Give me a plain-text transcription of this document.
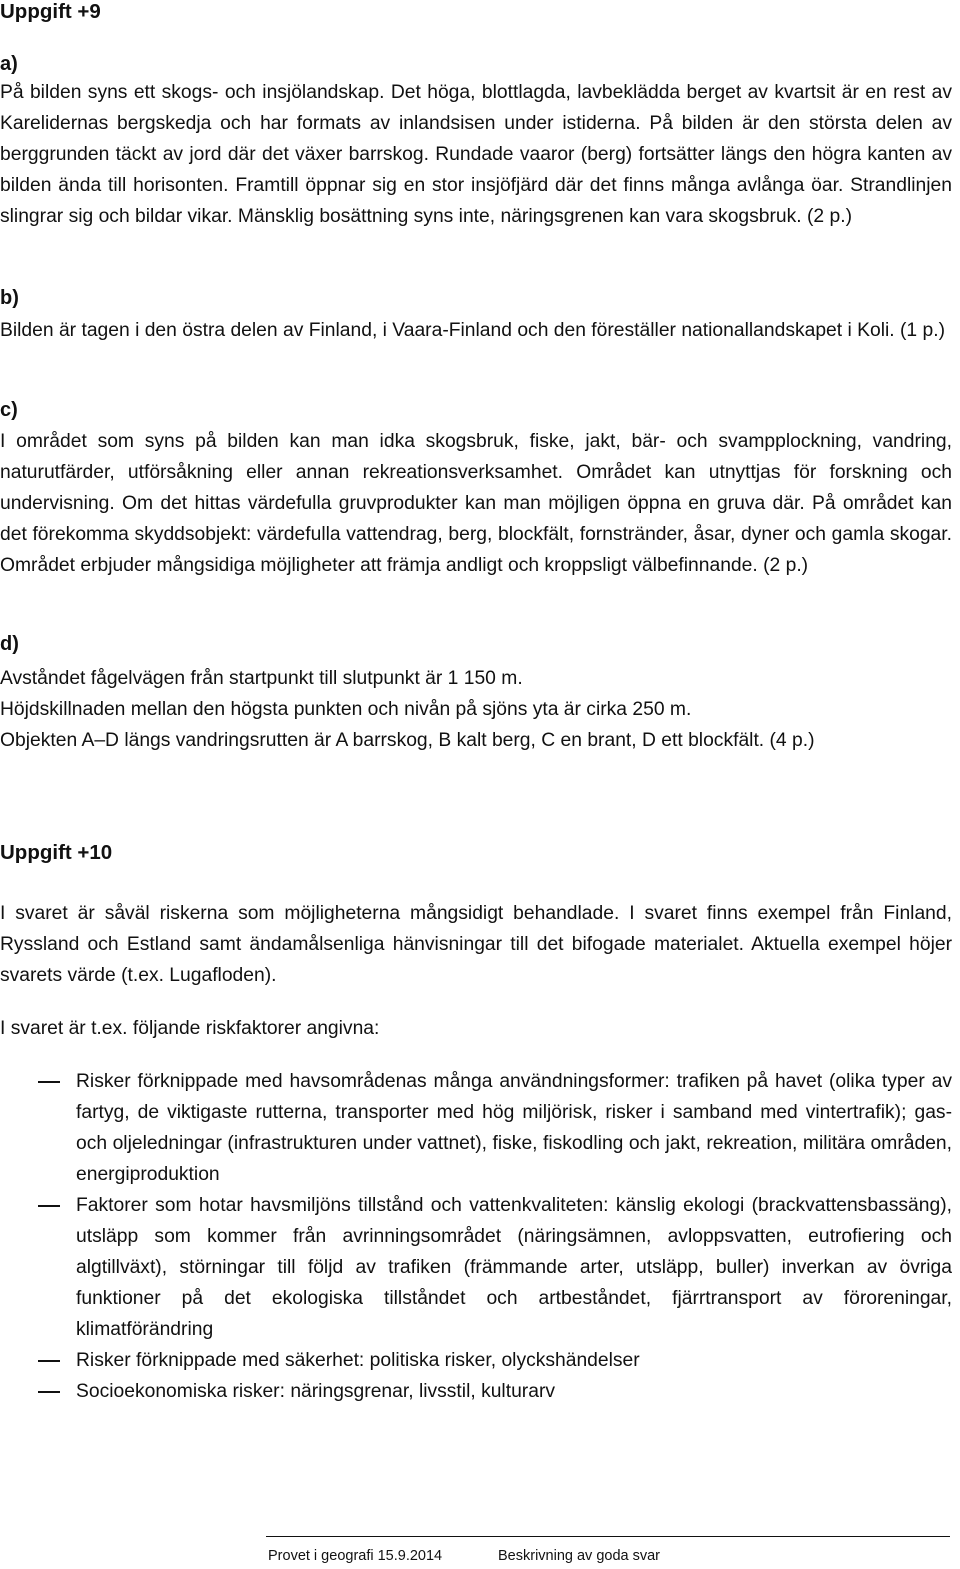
Uppgift +9
a)

På bilden syns ett skogs- och insjölandskap. Det höga, blottlagda, lavbeklädda berget av kvartsit är en rest av Karelidernas bergskedja och har formats av inlandsisen under istiderna. På bilden är den största delen av berggrunden täckt av jord där det växer barrskog. Rundade vaaror (berg) fortsätter längs den högra kanten av bilden ända till horisonten. Framtill öppnar sig en stor insjöfjärd där det finns många avlånga öar. Strandlinjen slingrar sig och bildar vikar. Mänsklig bosättning syns inte, näringsgrenen kan vara skogsbruk. (2 p.)

b)

Bilden är tagen i den östra delen av Finland, i Vaara-Finland och den föreställer nationallandskapet i Koli. (1 p.)

c)

I området som syns på bilden kan man idka skogsbruk, fiske, jakt, bär- och svampplockning, vandring, naturutfärder, utförsåkning eller annan rekreationsverksamhet. Området kan utnyttjas för forskning och undervisning. Om det hittas värdefulla gruvprodukter kan man möjligen öppna en gruva där. På området kan det förekomma skyddsobjekt: värdefulla vattendrag, berg, blockfält, fornstränder, åsar, dyner och gamla skogar. Området erbjuder mångsidiga möjligheter att främja andligt och kroppsligt välbefinnande. (2 p.)

d)
Avståndet fågelvägen från startpunkt till slutpunkt är 1 150 m.
Höjdskillnaden mellan den högsta punkten och nivån på sjöns yta är cirka 250 m.
Objekten A–D längs vandringsrutten är A barrskog, B kalt berg, C en brant, D ett blockfält. (4 p.)
Uppgift +10

I svaret är såväl riskerna som möjligheterna mångsidigt behandlade. I svaret finns exempel från Finland, Ryssland och Estland samt ändamålsenliga hänvisningar till det bifogade materialet. Aktuella exempel höjer svarets värde (t.ex. Lugafloden).

I svaret är t.ex. följande riskfaktorer angivna:
Risker förknippade med havsområdenas många användningsformer: trafiken på havet (olika typer av fartyg, de viktigaste rutterna, transporter med hög miljörisk, risker i samband med vintertrafik); gas- och oljeledningar (infrastrukturen under vattnet), fiske, fiskodling och jakt, rekreation, militära områden, energiproduktion
Faktorer som hotar havsmiljöns tillstånd och vattenkvaliteten: känslig ekologi (brackvattensbassäng), utsläpp som kommer från avrinningsområdet (näringsämnen, avloppsvatten, eutrofiering och algtillväxt), störningar till följd av trafiken (främmande arter, utsläpp, buller) inverkan av övriga funktioner på det ekologiska tillståndet och artbeståndet, fjärrtransport av föroreningar, klimatförändring
Risker förknippade med säkerhet: politiska risker, olyckshändelser
Socioekonomiska risker: näringsgrenar, livsstil, kulturarv
Provet i geografi 15.9.2014	Beskrivning av goda svar
